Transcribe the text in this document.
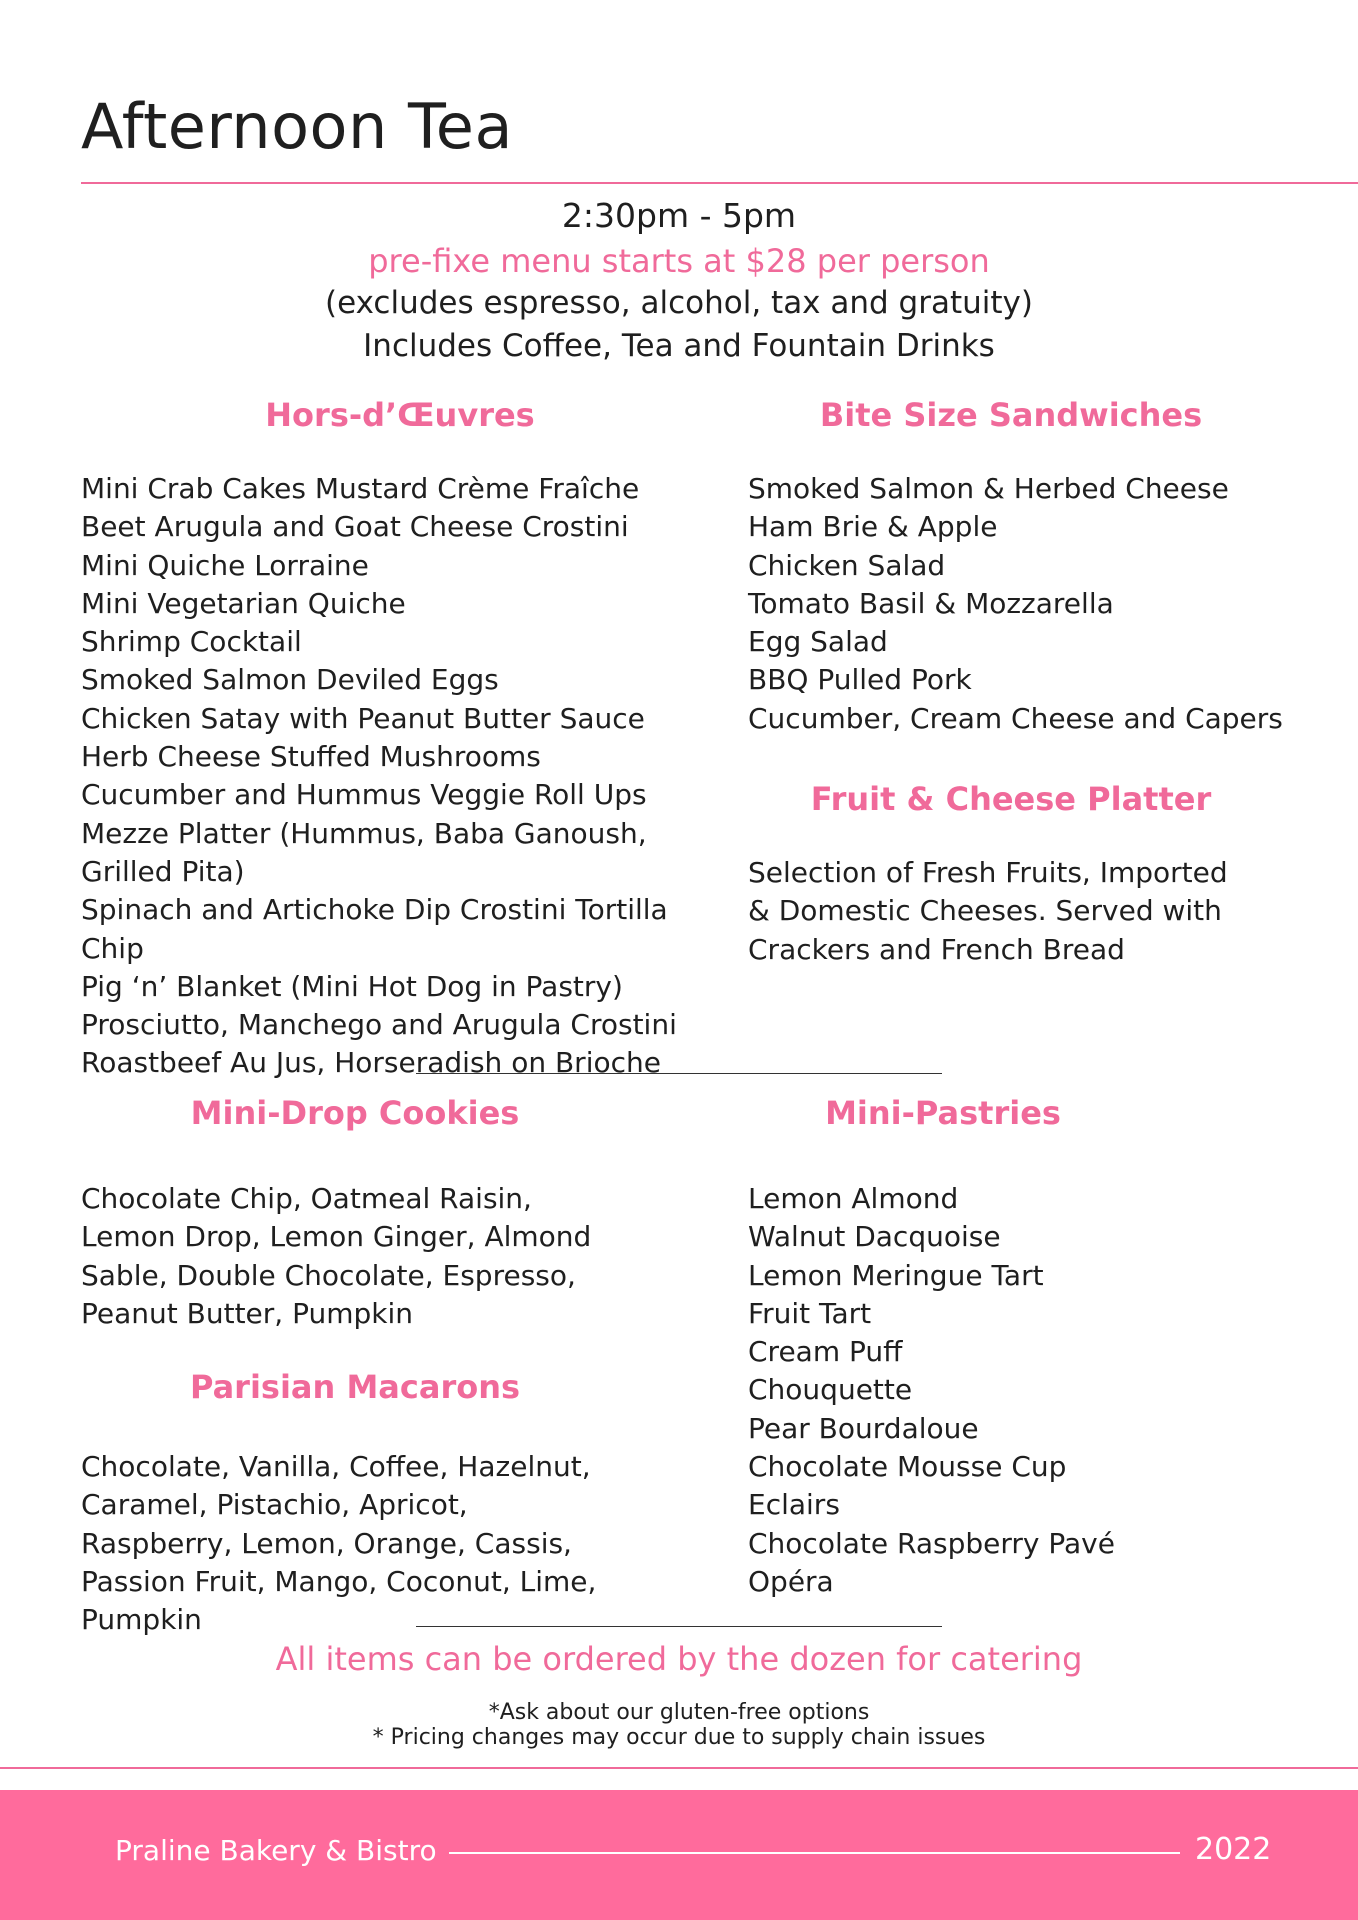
Afternoon Tea
2:30pm - 5pm
pre-fixe menu starts at $28 per person
(excludes espresso, alcohol, tax and gratuity)
Includes Coffee, Tea and Fountain Drinks
Hors-d’Œuvres
Mini Crab Cakes Mustard Crème Fraîche
Beet Arugula and Goat Cheese Crostini
Mini Quiche Lorraine
Mini Vegetarian Quiche
Shrimp Cocktail
Smoked Salmon Deviled Eggs
Chicken Satay with Peanut Butter Sauce
Herb Cheese Stuffed Mushrooms
Cucumber and Hummus Veggie Roll Ups
Mezze Platter (Hummus, Baba Ganoush, Grilled Pita)
Spinach and Artichoke Dip Crostini Tortilla Chip
Pig ‘n’ Blanket (Mini Hot Dog in Pastry)
Prosciutto, Manchego and Arugula Crostini
Roastbeef Au Jus, Horseradish on Brioche
Bite Size Sandwiches
Smoked Salmon & Herbed Cheese
Ham Brie & Apple
Chicken Salad
Tomato Basil & Mozzarella
Egg Salad
BBQ Pulled Pork
Cucumber, Cream Cheese and Capers
Fruit & Cheese Platter

Selection of Fresh Fruits, Imported & Domestic Cheeses. Served with Crackers and French Bread

Mini-Drop Cookies

Chocolate Chip, Oatmeal Raisin, Lemon Drop, Lemon Ginger, Almond Sable, Double Chocolate, Espresso, Peanut Butter, Pumpkin

Parisian Macarons

Chocolate, Vanilla, Coffee, Hazelnut, Caramel, Pistachio, Apricot, Raspberry, Lemon, Orange, Cassis, Passion Fruit, Mango, Coconut, Lime, Pumpkin

Mini-Pastries
Lemon Almond
Walnut Dacquoise
Lemon Meringue Tart
Fruit Tart
Cream Puff
Chouquette
Pear Bourdaloue
Chocolate Mousse Cup
Eclairs
Chocolate Raspberry Pavé
Opéra

All items can be ordered by the dozen for catering

*Ask about our gluten-free options
* Pricing changes may occur due to supply chain issues
Praline Bakery & Bistro	2022
